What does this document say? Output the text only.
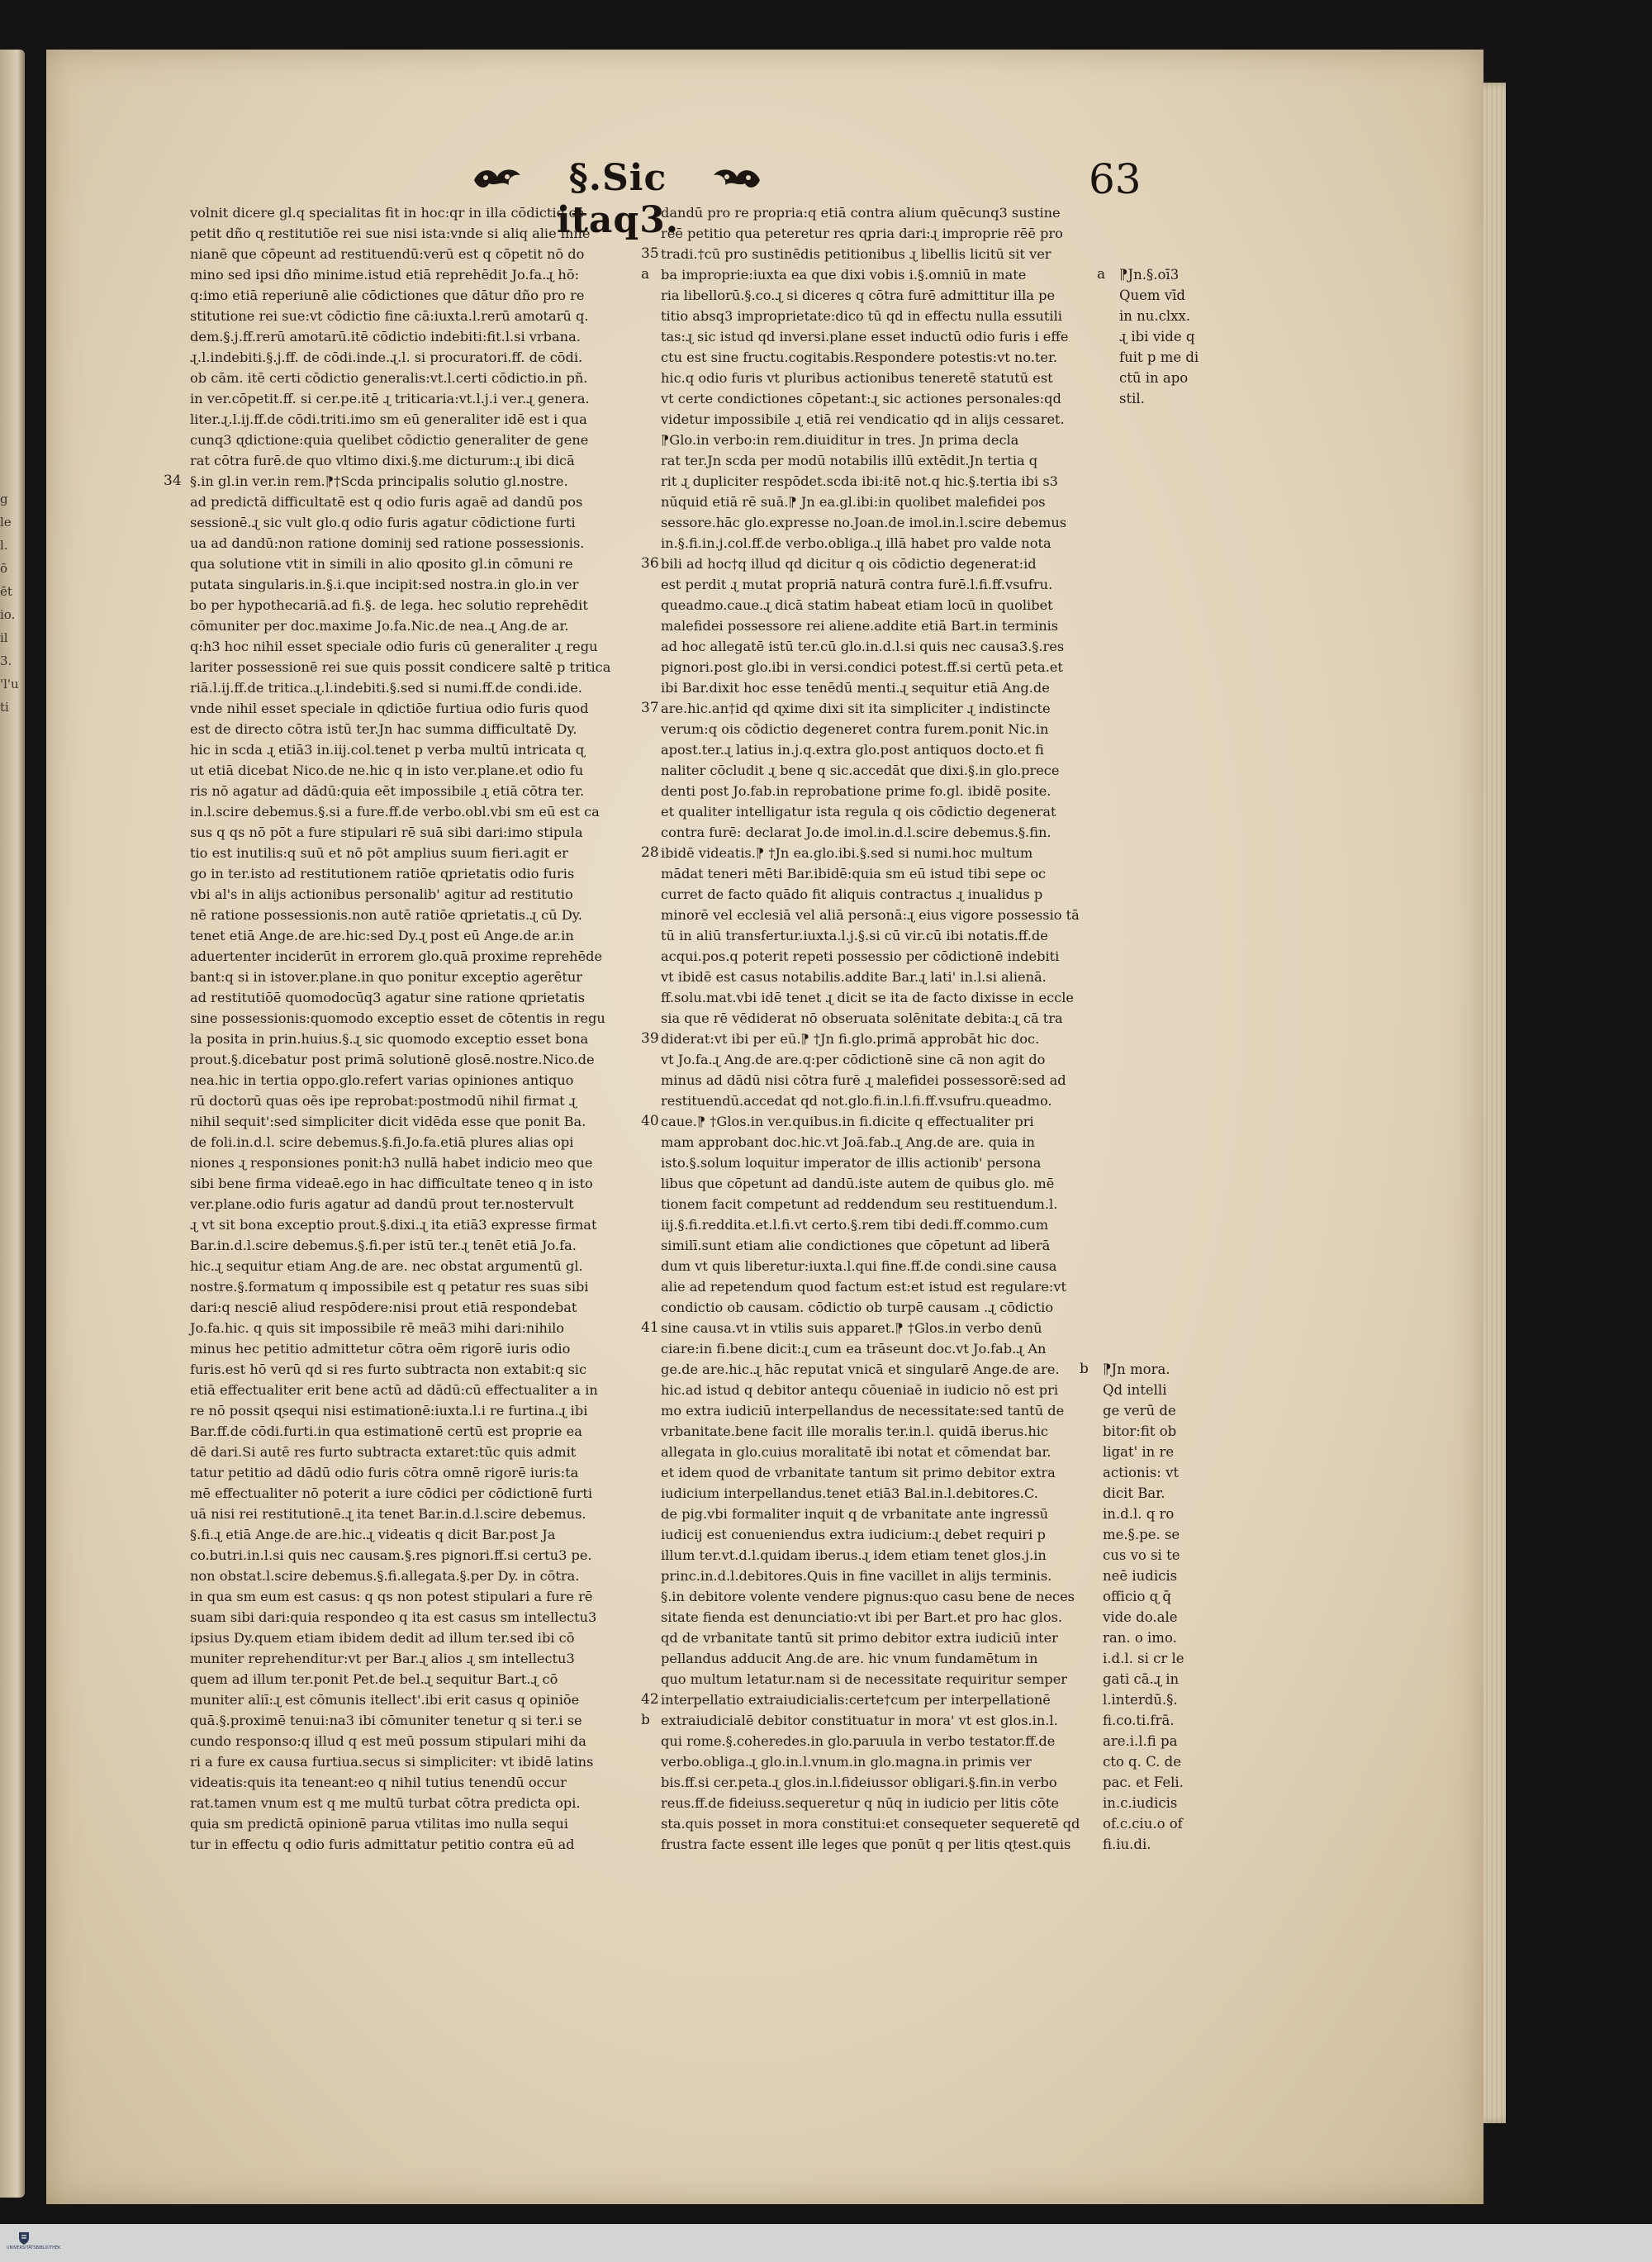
g
le
l.
ō
ēt
io.
il
3.
'l'u
ti
§.Sic itaq3.
63
volnit dicere gl.q specialitas fit in hoc:qr in illa cōdictio cō
petit dño ɋ restitutiõe rei sue nisi ista:vnde si aliq alie inne
nianē que cōpeunt ad restituendū:verū est q cōpetit nō do
mino sed ipsi dño minime.istud etiā reprehēdit Jo.fa.ɻ hō:
q:imo etiā reperiunē alie cōdictiones que dātur dño pro re
stitutione rei sue:vt cōdictio fine cā:iuxta.l.rerū amotarū q.
dem.§.j.ff.rerū amotarū.itē cōdictio indebiti:fit.l.si vrbana.
ɻ.l.indebiti.§.j.ff. de cōdi.inde.ɻ.l. si procuratori.ff. de cōdi.
ob cām. itē certi cōdictio generalis:vt.l.certi cōdictio.in pñ.
in ver.cōpetit.ff. si cer.pe.itē ɻ triticaria:vt.l.j.i ver.ɻ genera.
liter.ɻ.l.ij.ff.de cōdi.triti.imo sm eū generaliter idē est i qua
cunq3 ɋdictione:quia quelibet cōdictio generaliter de gene
rat cōtra furē.de quo vltimo dixi.§.me dicturum:ɻ ibi dicā
§.in gl.in ver.in rem.⁋†Scda principalis solutio gl.nostre.
ad predictā difficultatē est q odio furis agaē ad dandū pos
sessionē.ɻ sic vult glo.q odio furis agatur cōdictione furti
ua ad dandū:non ratione dominij sed ratione possessionis.
qua solutione vtit in simili in alio ɋposito gl.in cōmuni re
putata singularis.in.§.i.que incipit:sed nostra.in glo.in ver
bo per hypothecariā.ad fi.§. de lega. hec solutio reprehēdit
cōmuniter per doc.maxime Jo.fa.Nic.de nea.ɻ Ang.de ar.
q:h3 hoc nihil esset speciale odio furis cū generaliter ɻ regu
lariter possessionē rei sue quis possit condicere saltē p tritica
riā.l.ij.ff.de tritica.ɻ.l.indebiti.§.sed si numi.ff.de condi.ide.
vnde nihil esset speciale in ɋdictiōe furtiua odio furis quod
est de directo cōtra istū ter.Jn hac summa difficultatē Dy.
hic in scda ɻ etiā3 in.iij.col.tenet p verba multū intricata ɋ
ut etiā dicebat Nico.de ne.hic q in isto ver.plane.et odio fu
ris nō agatur ad dādū:quia eēt impossibile ɻ etiā cōtra ter.
in.l.scire debemus.§.si a fure.ff.de verbo.obl.vbi sm eū est ca
sus q qs nō pōt a fure stipulari rē suā sibi dari:imo stipula
tio est inutilis:q suū et nō pōt amplius suum fieri.agit er
go in ter.isto ad restitutionem ratiōe ɋprietatis odio furis
vbi al's in alijs actionibus personalib' agitur ad restitutio
nē ratione possessionis.non autē ratiōe ɋprietatis.ɻ cū Dy.
tenet etiā Ange.de are.hic:sed Dy.ɻ post eū Ange.de ar.in
aduertenter inciderūt in errorem glo.quā proxime reprehēde
bant:q si in istover.plane.in quo ponitur exceptio agerētur
ad restitutiōē quomodocūq3 agatur sine ratione ɋprietatis
sine possessionis:quomodo exceptio esset de cōtentis in regu
la posita in prin.huius.§.ɻ sic quomodo exceptio esset bona
prout.§.dicebatur post primā solutionē glosē.nostre.Nico.de
nea.hic in tertia oppo.glo.refert varias opiniones antiquo
rū doctorū quas oēs ipe reprobat:postmodū nihil firmat ɻ
nihil sequit':sed simpliciter dicit vidēda esse que ponit Ba.
de foli.in.d.l. scire debemus.§.fi.Jo.fa.etiā plures alias opi
niones ɻ responsiones ponit:h3 nullā habet indicio meo que
sibi bene firma videaē.ego in hac difficultate teneo q in isto
ver.plane.odio furis agatur ad dandū prout ter.nostervult
ɻ vt sit bona exceptio prout.§.dixi.ɻ ita etiā3 expresse firmat
Bar.in.d.l.scire debemus.§.fi.per istū ter.ɻ tenēt etiā Jo.fa.
hic.ɻ sequitur etiam Ang.de are. nec obstat argumentū gl.
nostre.§.formatum q impossibile est q petatur res suas sibi
dari:q nesciē aliud respōdere:nisi prout etiā respondebat
Jo.fa.hic. q quis sit impossibile rē meā3 mihi dari:nihilo
minus hec petitio admittetur cōtra oēm rigorē iuris odio
furis.est hō verū qd si res furto subtracta non extabit:q sic
etiā effectualiter erit bene actū ad dādū:cū effectualiter a in
re nō possit ɋsequi nisi estimationē:iuxta.l.i re furtina.ɻ ibi
Bar.ff.de cōdi.furti.in qua estimationē certū est proprie ea
dē dari.Si autē res furto subtracta extaret:tūc quis admit
tatur petitio ad dādū odio furis cōtra omnē rigorē iuris:ta
mē effectualiter nō poterit a iure cōdici per cōdictionē furti
uā nisi rei restitutionē.ɻ ita tenet Bar.in.d.l.scire debemus.
§.fi.ɻ etiā Ange.de are.hic.ɻ videatis q dicit Bar.post Ja
co.butri.in.l.si quis nec causam.§.res pignori.ff.si certu3 pe.
non obstat.l.scire debemus.§.fi.allegata.§.per Dy. in cōtra.
in qua sm eum est casus: q qs non potest stipulari a fure rē
suam sibi dari:quia respondeo q ita est casus sm intellectu3
ipsius Dy.quem etiam ibidem dedit ad illum ter.sed ibi cō
muniter reprehenditur:vt per Bar.ɻ alios ɻ sm intellectu3
quem ad illum ter.ponit Pet.de bel.ɻ sequitur Bart.ɻ cō
muniter aliī:ɻ est cōmunis itellect'.ibi erit casus q opiniōe
quā.§.proximē tenui:na3 ibi cōmuniter tenetur q si ter.i se
cundo responso:q illud q est meū possum stipulari mihi da
ri a fure ex causa furtiua.secus si simpliciter: vt ibidē latins
videatis:quis ita teneant:eo q nihil tutius tenendū occur
rat.tamen vnum est q me multū turbat cōtra predicta opi.
quia sm predictā opinionē parua vtilitas imo nulla sequi
tur in effectu q odio furis admittatur petitio contra eū ad
dandū pro re propria:q etiā contra alium quēcunq3 sustine
rēē petitio qua peteretur res ɋpria dari:ɻ improprie rēē pro
tradi.†cū pro sustinēdis petitionibus ɻ libellis licitū sit ver
ba improprie:iuxta ea que dixi vobis i.§.omniū in mate
ria libellorū.§.co.ɻ si diceres q cōtra furē admittitur illa pe
titio absq3 improprietate:dico tū qd in effectu nulla essutili
tas:ɻ sic istud qd inversi.plane esset inductū odio furis i effe
ctu est sine fructu.cogitabis.Respondere potestis:vt no.ter.
hic.q odio furis vt pluribus actionibus teneretē statutū est
vt certe condictiones cōpetant:ɻ sic actiones personales:qd
videtur impossibile ɻ etiā rei vendicatio qd in alijs cessaret.
⁋Glo.in verbo:in rem.diuiditur in tres. Jn prima decla
rat ter.Jn scda per modū notabilis illū extēdit.Jn tertia q
rit ɻ dupliciter respōdet.scda ibi:itē not.q hic.§.tertia ibi s3
nūquid etiā rē suā.⁋ Jn ea.gl.ibi:in quolibet malefidei pos
sessore.hāc glo.expresse no.Joan.de imol.in.l.scire debemus
in.§.fi.in.j.col.ff.de verbo.obliga.ɻ illā habet pro valde nota
bili ad hoc†q illud qd dicitur q ois cōdictio degenerat:id
est perdit ɻ mutat propriā naturā contra furē.l.fi.ff.vsufru.
queadmo.caue.ɻ dicā statim habeat etiam locū in quolibet
malefidei possessore rei aliene.addite etiā Bart.in terminis
ad hoc allegatē istū ter.cū glo.in.d.l.si quis nec causa3.§.res
pignori.post glo.ibi in versi.condici potest.ff.si certū peta.et
ibi Bar.dixit hoc esse tenēdū menti.ɻ sequitur etiā Ang.de
are.hic.an†id qd ɋxime dixi sit ita simpliciter ɻ indistincte
verum:q ois cōdictio degeneret contra furem.ponit Nic.in
apost.ter.ɻ latius in.j.q.extra glo.post antiquos docto.et fi
naliter cōcludit ɻ bene q sic.accedāt que dixi.§.in glo.prece
denti post Jo.fab.in reprobatione prime fo.gl. ibidē posite.
et qualiter intelligatur ista regula q ois cōdictio degenerat
contra furē: declarat Jo.de imol.in.d.l.scire debemus.§.fin.
ibidē videatis.⁋ †Jn ea.glo.ibi.§.sed si numi.hoc multum
mādat teneri mēti Bar.ibidē:quia sm eū istud tibi sepe oc
curret de facto quādo fit aliquis contractus ɻ inualidus p
minorē vel ecclesiā vel aliā personā:ɻ eius vigore possessio tā
tū in aliū transfertur.iuxta.l.j.§.si cū vir.cū ibi notatis.ff.de
acqui.pos.q poterit repeti possessio per cōdictionē indebiti
vt ibidē est casus notabilis.addite Bar.ɻ lati' in.l.si alienā.
ff.solu.mat.vbi idē tenet ɻ dicit se ita de facto dixisse in eccle
sia que rē vēdiderat nō obseruata solēnitate debita:ɻ cā tra
diderat:vt ibi per eū.⁋ †Jn fi.glo.primā approbāt hic doc.
vt Jo.fa.ɻ Ang.de are.q:per cōdictionē sine cā non agit do
minus ad dādū nisi cōtra furē ɻ malefidei possessorē:sed ad
restituendū.accedat qd not.glo.fi.in.l.fi.ff.vsufru.queadmo.
caue.⁋ †Glos.in ver.quibus.in fi.dicite q effectualiter pri
mam approbant doc.hic.vt Joā.fab.ɻ Ang.de are. quia in
isto.§.solum loquitur imperator de illis actionib' persona
libus que cōpetunt ad dandū.iste autem de quibus glo. mē
tionem facit competunt ad reddendum seu restituendum.l.
iij.§.fi.reddita.et.l.fi.vt certo.§.rem tibi dedi.ff.commo.cum
similī.sunt etiam alie condictiones que cōpetunt ad liberā
dum vt quis liberetur:iuxta.l.qui fine.ff.de condi.sine causa
alie ad repetendum quod factum est:et istud est regulare:vt
condictio ob causam. cōdictio ob turpē causam .ɻ cōdictio
sine causa.vt in vtilis suis apparet.⁋ †Glos.in verbo denū
ciare:in fi.bene dicit:ɻ cum ea trāseunt doc.vt Jo.fab.ɻ An
ge.de are.hic.ɻ hāc reputat vnicā et singularē Ange.de are.
hic.ad istud q debitor antequ cōueniaē in iudicio nō est pri
mo extra iudiciū interpellandus de necessitate:sed tantū de
vrbanitate.bene facit ille moralis ter.in.l. quidā iberus.hic
allegata in glo.cuius moralitatē ibi notat et cōmendat bar.
et idem quod de vrbanitate tantum sit primo debitor extra
iudicium interpellandus.tenet etiā3 Bal.in.l.debitores.C.
de pig.vbi formaliter inquit q de vrbanitate ante ingressū
iudicij est conueniendus extra iudicium:ɻ debet requiri p
illum ter.vt.d.l.quidam iberus.ɻ idem etiam tenet glos.j.in
princ.in.d.l.debitores.Quis in fine vacillet in alijs terminis.
§.in debitore volente vendere pignus:quo casu bene de neces
sitate fienda est denunciatio:vt ibi per Bart.et pro hac glos.
qd de vrbanitate tantū sit primo debitor extra iudiciū inter
pellandus adducit Ang.de are. hic vnum fundamētum in
quo multum letatur.nam si de necessitate requiritur semper
interpellatio extraiudicialis:certe†cum per interpellationē
extraiudicialē debitor constituatur in mora' vt est glos.in.l.
qui rome.§.coheredes.in glo.paruula in verbo testator.ff.de
verbo.obliga.ɻ glo.in.l.vnum.in glo.magna.in primis ver
bis.ff.si cer.peta.ɻ glos.in.l.fideiussor obligari.§.fin.in verbo
reus.ff.de fideiuss.sequeretur q nūq in iudicio per litis cōte
sta.quis posset in mora constitui:et consequeter sequeretē qd
frustra facte essent ille leges que ponūt q per litis ɋtest.quis
⁋Jn.§.oī3
Quem vīd
in nu.clxx.
ɻ ibi vide q
fuit p me di
ctū in apo
stil.
⁋Jn mora.
Qd intelli
ge verū de
bitor:fit ob
ligat' in re
actionis: vt
dicit Bar.
in.d.l. q ro
me.§.pe. se
cus vo si te
neē iudicis
officio ɋ q̄
vide do.ale
ran. o imo.
i.d.l. si cr le
gati cā.ɻ in
l.interdū.§.
fi.co.ti.frā.
are.i.l.fi pa
cto q. C. de
pac. et Feli.
in.c.iudicis
of.c.ciu.o of
fi.iu.di.
UNIVERSITÄTSBIBLIOTHEK
34
35
a
36
37
28
39
40
41
42
b
a
b
